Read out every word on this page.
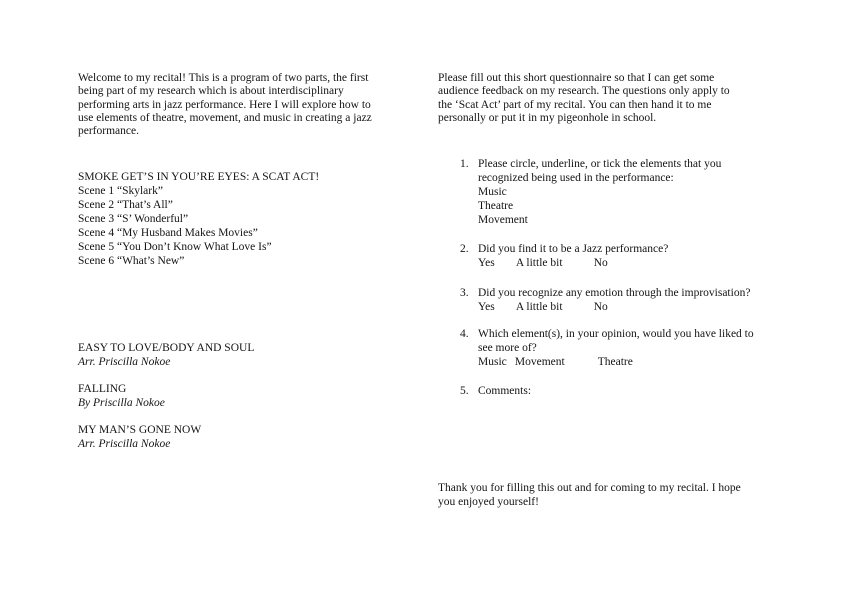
Welcome to my recital! This is a program of two parts, the first
being part of my research which is about interdisciplinary
performing arts in jazz performance. Here I will explore how to
use elements of theatre, movement, and music in creating a jazz
performance.
SMOKE GET’S IN YOU’RE EYES: A SCAT ACT!
Scene 1 “Skylark”
Scene 2 “That’s All”
Scene 3 “S’ Wonderful”
Scene 4 “My Husband Makes Movies”
Scene 5 “You Don’t Know What Love Is”
Scene 6 “What’s New”
EASY TO LOVE/BODY AND SOUL
Arr. Priscilla Nokoe
FALLING
By Priscilla Nokoe
MY MAN’S GONE NOW
Arr. Priscilla Nokoe
Please fill out this short questionnaire so that I can get some
audience feedback on my research. The questions only apply to
the ‘Scat Act’ part of my recital. You can then hand it to me
personally or put it in my pigeonhole in school.
1. Please circle, underline, or tick the elements that you
recognized being used in the performance:
Music
Theatre
Movement
2. Did you find it to be a Jazz performance?
Yes A little bit	No
3. Did you recognize any emotion through the improvisation?
Yes A little bit	No
4. Which element(s), in your opinion, would you have liked to
see more of?
Music Movement	Theatre
5. Comments:
Thank you for filling this out and for coming to my recital. I hope
you enjoyed yourself!
